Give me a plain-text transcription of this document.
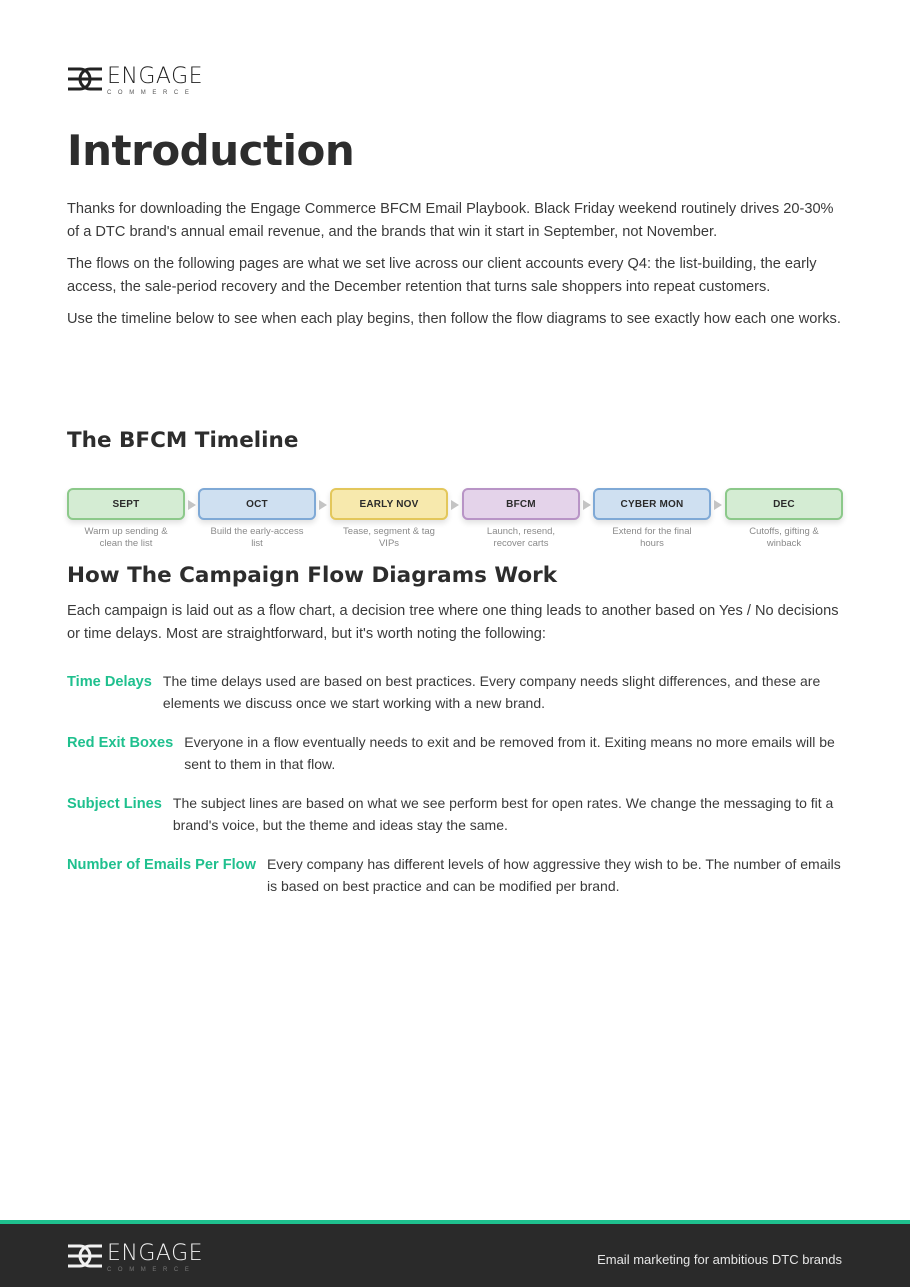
ENGAGE
COMMERCE
Introduction

Thanks for downloading the Engage Commerce BFCM Email Playbook. Black Friday weekend routinely drives 20-30% of a DTC brand's annual email revenue, and the brands that win it start in September, not November.

The flows on the following pages are what we set live across our client accounts every Q4: the list-building, the early access, the sale-period recovery and the December retention that turns sale shoppers into repeat customers.

Use the timeline below to see when each play begins, then follow the flow diagrams to see exactly how each one works.

The BFCM Timeline
SEPT
Warm up sending & clean the list
OCT
Build the early-access list
EARLY NOV
Tease, segment & tag VIPs
BFCM
Launch, resend, recover carts
CYBER MON
Extend for the final hours
DEC
Cutoffs, gifting & winback
How The Campaign Flow Diagrams Work

Each campaign is laid out as a flow chart, a decision tree where one thing leads to another based on Yes / No decisions or time delays. Most are straightforward, but it's worth noting the following:

Time Delays The time delays used are based on best practices. Every company needs slight differences, and these are elements we discuss once we start working with a new brand.
Red Exit Boxes Everyone in a flow eventually needs to exit and be removed from it. Exiting means no more emails will be sent to them in that flow.
Subject Lines The subject lines are based on what we see perform best for open rates. We change the messaging to fit a brand's voice, but the theme and ideas stay the same.
Number of Emails Per Flow Every company has different levels of how aggressive they wish to be. The number of emails is based on best practice and can be modified per brand.
ENGAGE
COMMERCE
Email marketing for ambitious DTC brands
